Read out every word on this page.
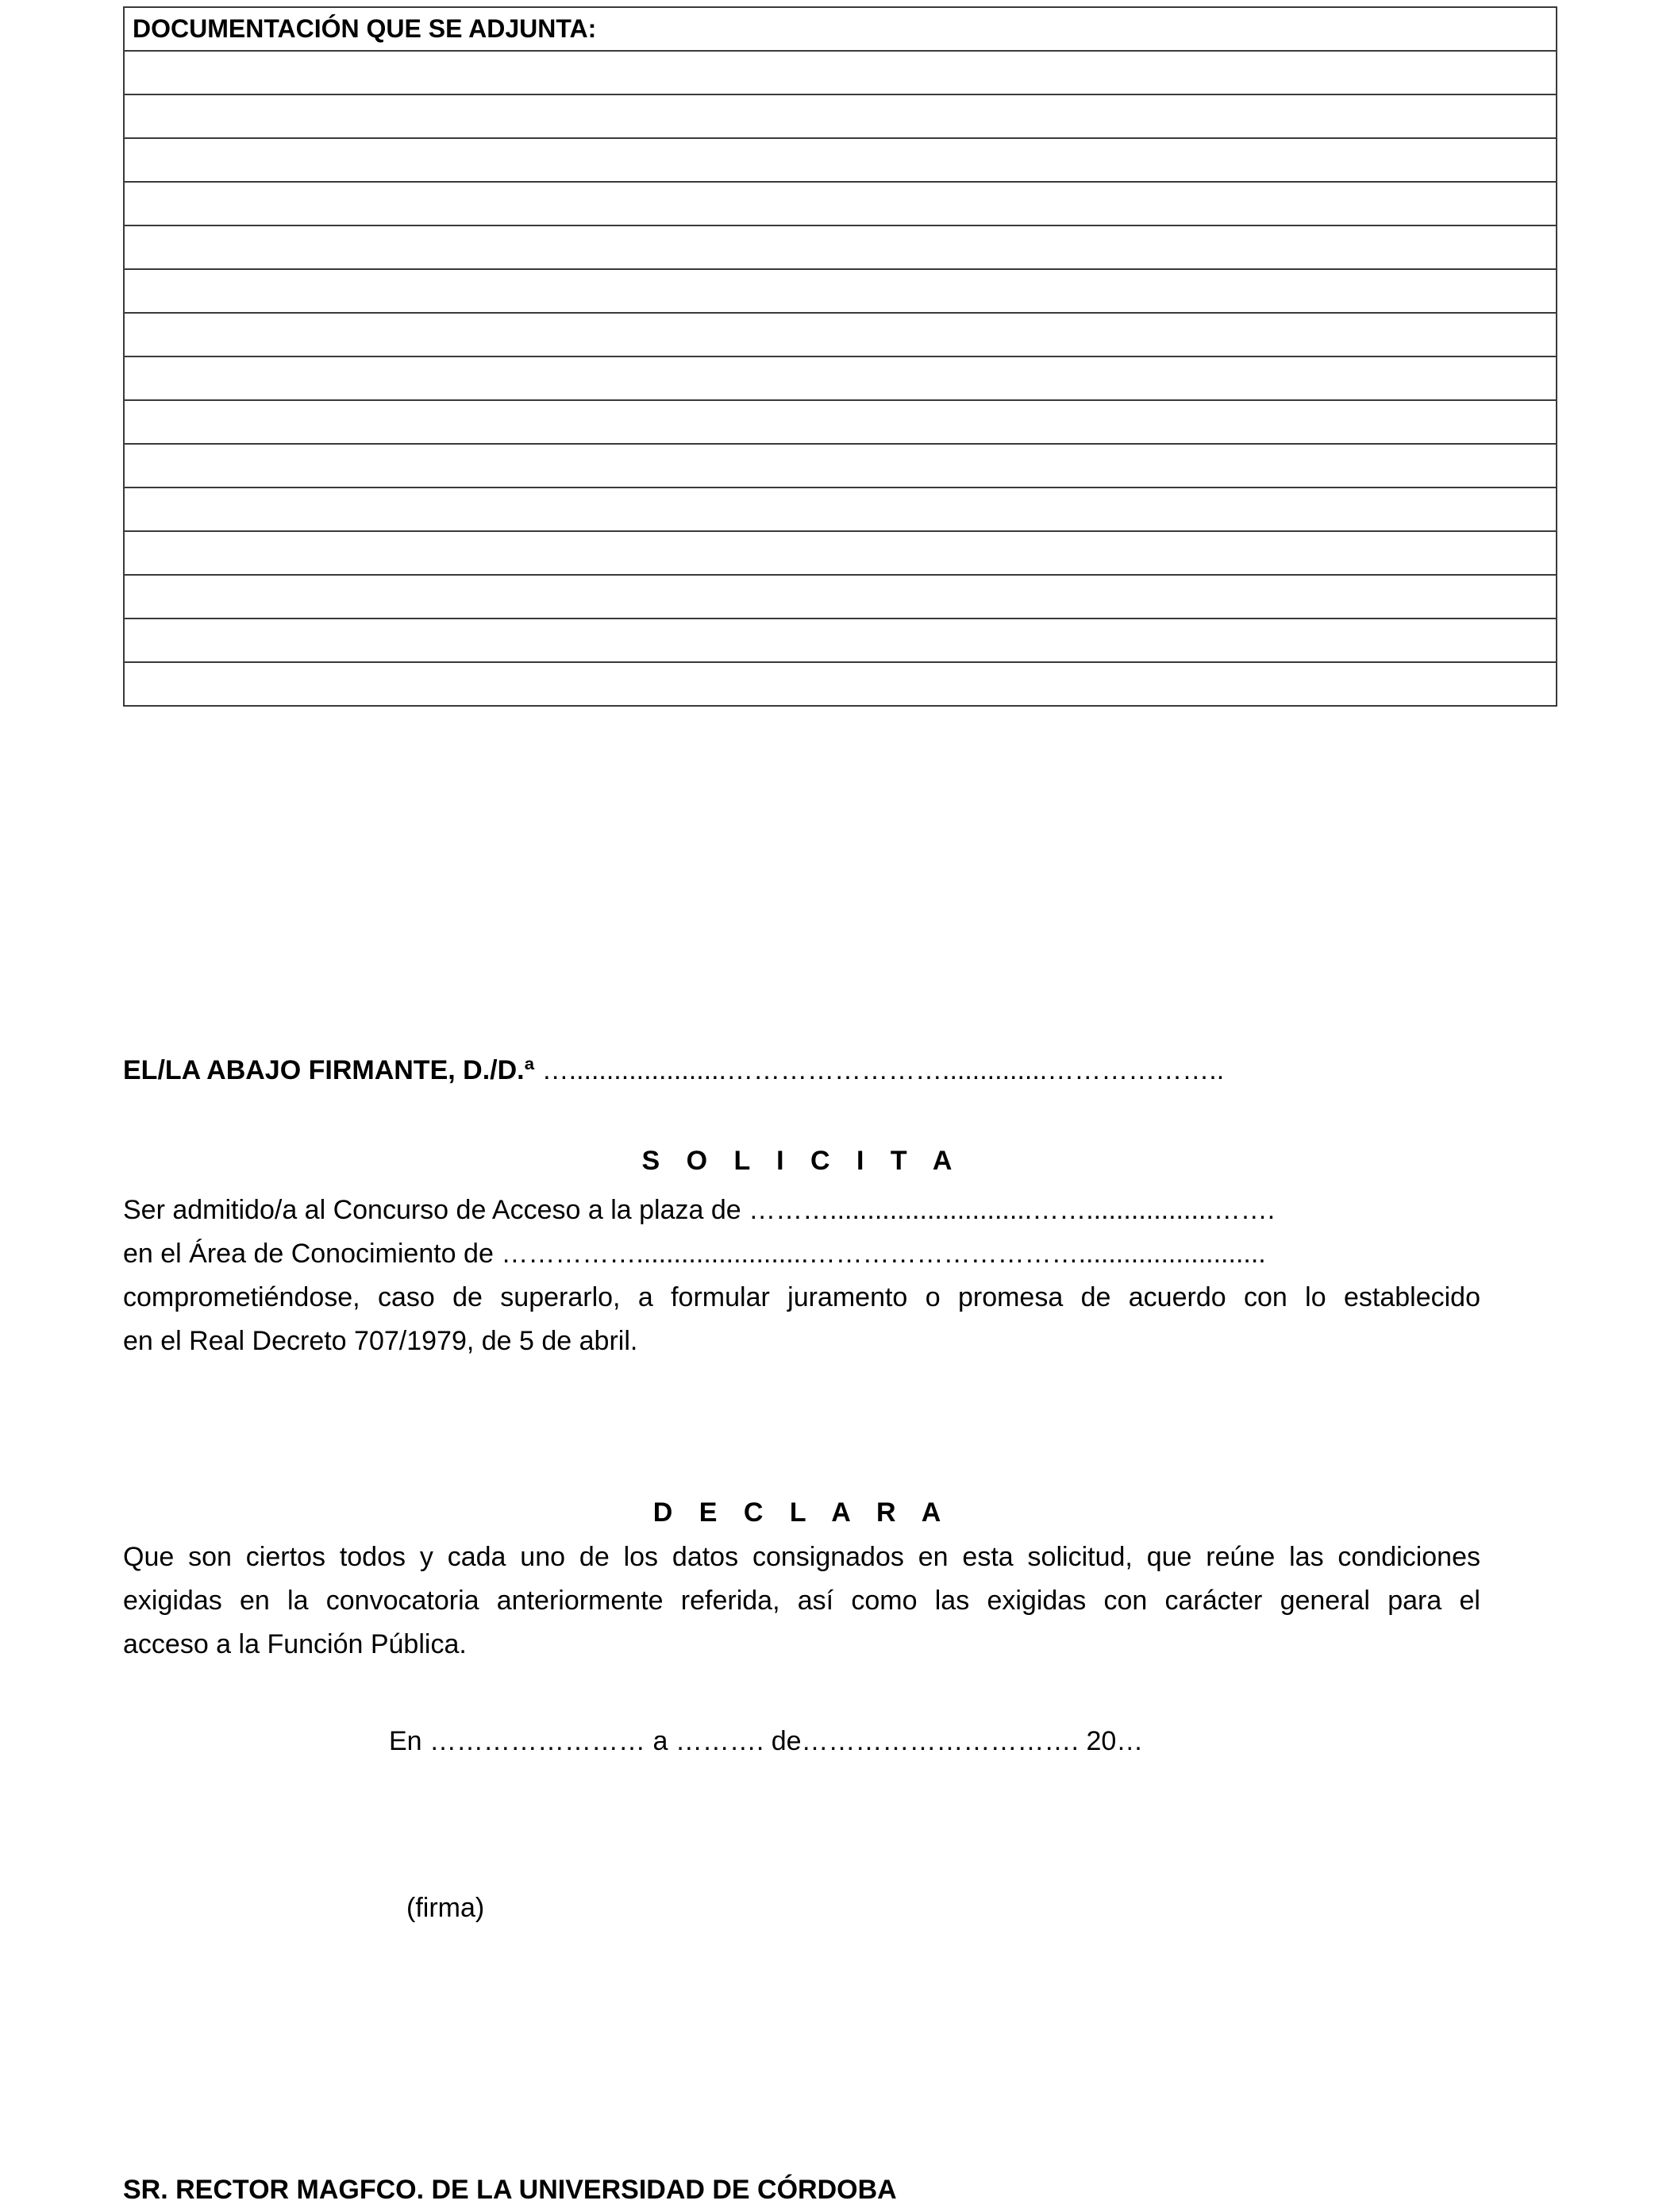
DOCUMENTACIÓN QUE SE ADJUNTA:

EL/LA ABAJO FIRMANTE, D./D.ª ….....................……………………..............………………..
S O L I C I T A
Ser admitido/a al Concurso de Acceso a la plaza de ………...........................…….................…….
en el Área de Conocimiento de …………….......................………………………….........................
comprometiéndose, caso de superarlo, a formular juramento o promesa de acuerdo con lo establecido
en el Real Decreto 707/1979, de 5 de abril.
D E C L A R A
Que son ciertos todos y cada uno de los datos consignados en esta solicitud, que reúne las condiciones
exigidas en la convocatoria anteriormente referida, así como las exigidas con carácter general para el
acceso a la Función Pública.
En …………………… a ………. de…………………………. 20…
(firma)
SR. RECTOR MAGFCO. DE LA UNIVERSIDAD DE CÓRDOBA
